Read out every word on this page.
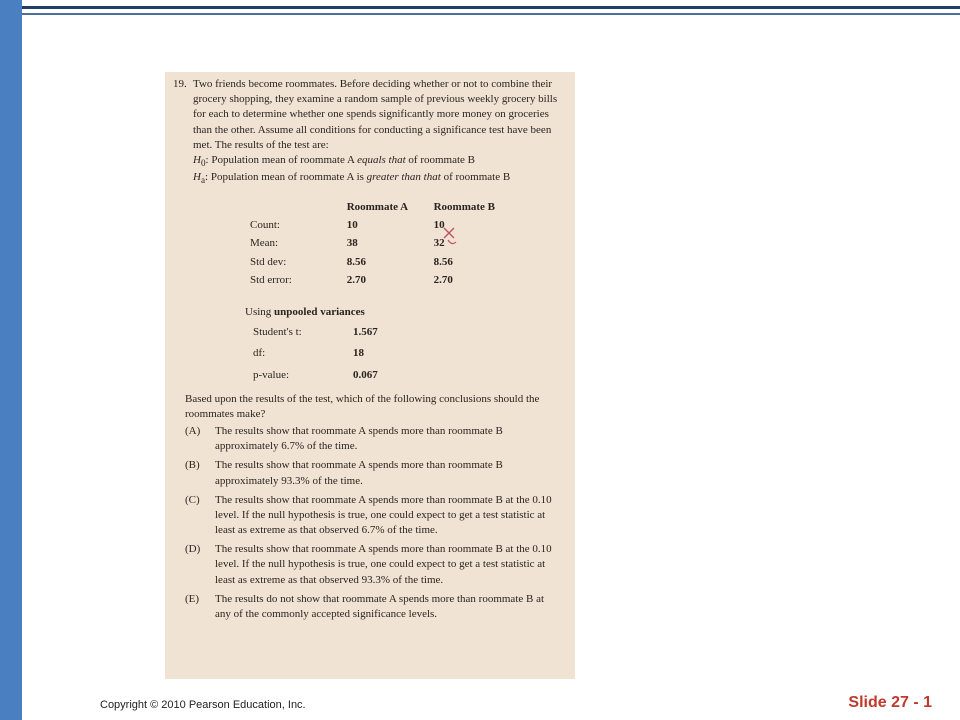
19. Two friends become roommates. Before deciding whether or not to combine their grocery shopping, they examine a random sample of previous weekly grocery bills for each to determine whether one spends significantly more money on groceries than the other. Assume all conditions for conducting a significance test have been met. The results of the test are:
$H_0$: Population mean of roommate A equals that of roommate B
$H_a$: Population mean of roommate A is greater than that of roommate B
	Roommate A	Roommate B
Count:	10	10
Mean:	38	32
Std dev:	8.56	8.56
Std error:	2.70	2.70
Using unpooled variances
Student's t:	1.567
df:	18
p-value:	0.067
Based upon the results of the test, which of the following conclusions should the roommates make?
(A)	The results show that roommate A spends more than roommate B approximately 6.7% of the time.
(B)	The results show that roommate A spends more than roommate B approximately 93.3% of the time.
(C)	The results show that roommate A spends more than roommate B at the 0.10 level. If the null hypothesis is true, one could expect to get a test statistic at least as extreme as that observed 6.7% of the time.
(D)	The results show that roommate A spends more than roommate B at the 0.10 level. If the null hypothesis is true, one could expect to get a test statistic at least as extreme as that observed 93.3% of the time.
(E)	The results do not show that roommate A spends more than roommate B at any of the commonly accepted significance levels.
Copyright © 2010 Pearson Education, Inc.	Slide 27 - 1
